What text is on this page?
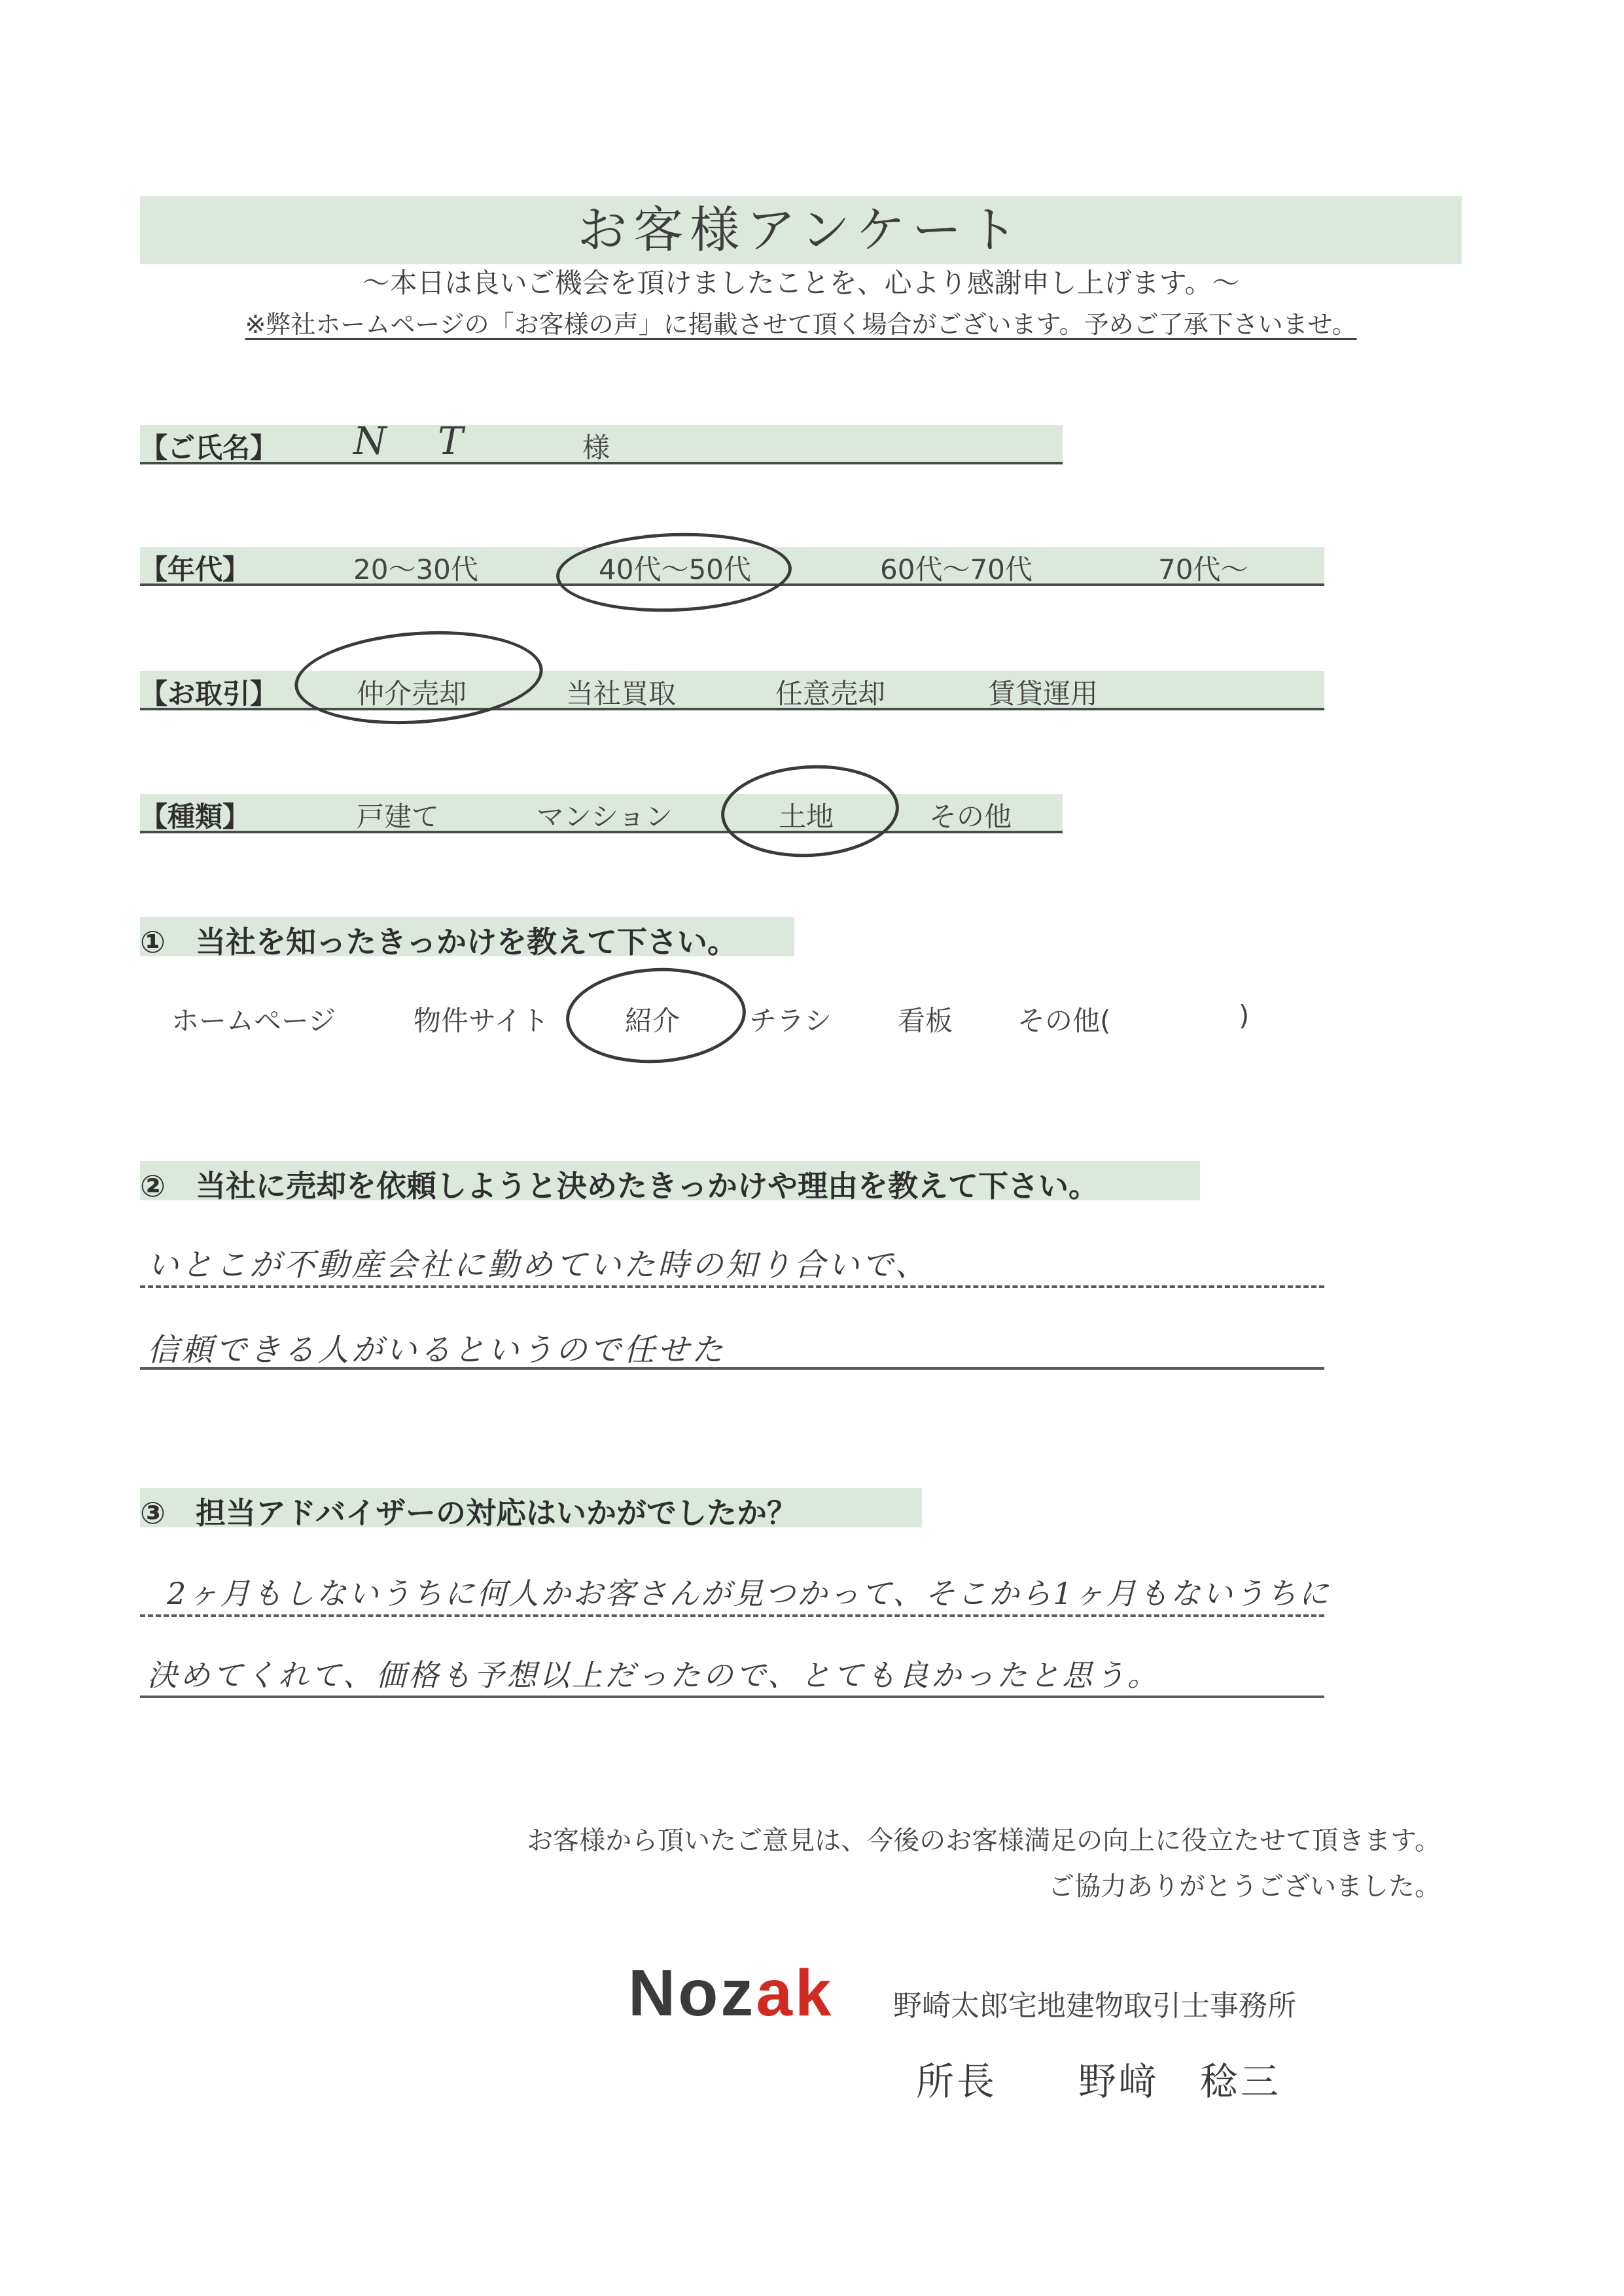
お客様アンケート
〜本日は良いご機会を頂けましたことを、心より感謝申し上げます。〜
※弊社ホームページの「お客様の声」に掲載させて頂く場合がございます。予めご了承下さいませ。
【ご氏名】 N T	様
【年代】	20〜30代	40代〜50代	60代〜70代	70代〜
【お取引】	仲介売却	当社買取	任意売却	賃貸運用
【種類】	戸建て	マンション	土地	その他
①　当社を知ったきっかけを教えて下さい。
ホームページ	物件サイト	紹介	チラシ 看板 その他(	)
②　当社に売却を依頼しようと決めたきっかけや理由を教えて下さい。
いとこが不動産会社に勤めていた時の知り合いで、
信頼できる人がいるというので任せた
③　担当アドバイザーの対応はいかがでしたか？
2ヶ月もしないうちに何人かお客さんが見つかって、そこから1ヶ月もないうちに
決めてくれて、価格も予想以上だったので、とても良かったと思う。
お客様から頂いたご意見は、今後のお客様満足の向上に役立たせて頂きます。
ご協力ありがとうございました。
Nozak 野崎太郎宅地建物取引士事務所
所長　　野﨑　稔三
